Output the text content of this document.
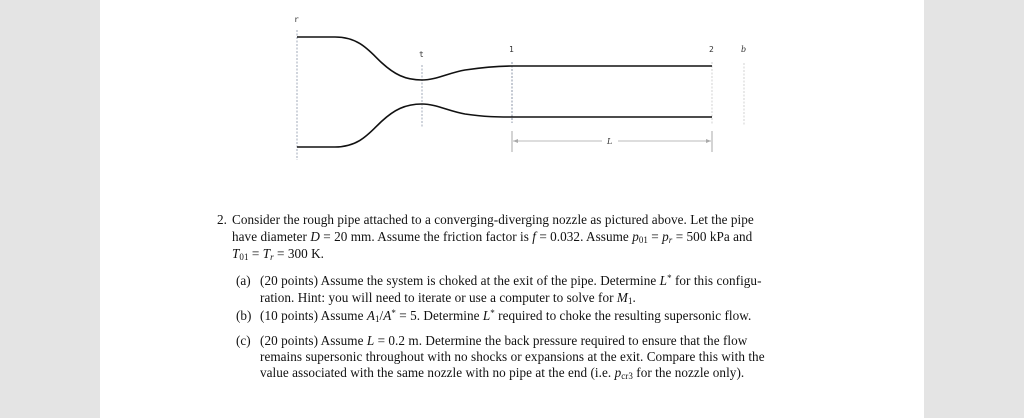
r
t
1	2	b
L
2. Consider the rough pipe attached to a converging-diverging nozzle as pictured above. Let the pipe
have diameter D = 20 mm. Assume the friction factor is f = 0.032. Assume $p_{01} = p_r = 500$ kPa and
$T_{01} = T_r = 300$ K.
(a) (20 points) Assume the system is choked at the exit of the pipe. Determine L* for this configu-
ration. Hint: you will need to iterate or use a computer to solve for $M_1$.
(b) (10 points) Assume $A_1/A^* = 5$. Determine L* required to choke the resulting supersonic flow.
(c) (20 points) Assume L = 0.2 m. Determine the back pressure required to ensure that the flow
remains supersonic throughout with no shocks or expansions at the exit. Compare this with the
value associated with the same nozzle with no pipe at the end (i.e. $p_{cr3}$ for the nozzle only).
